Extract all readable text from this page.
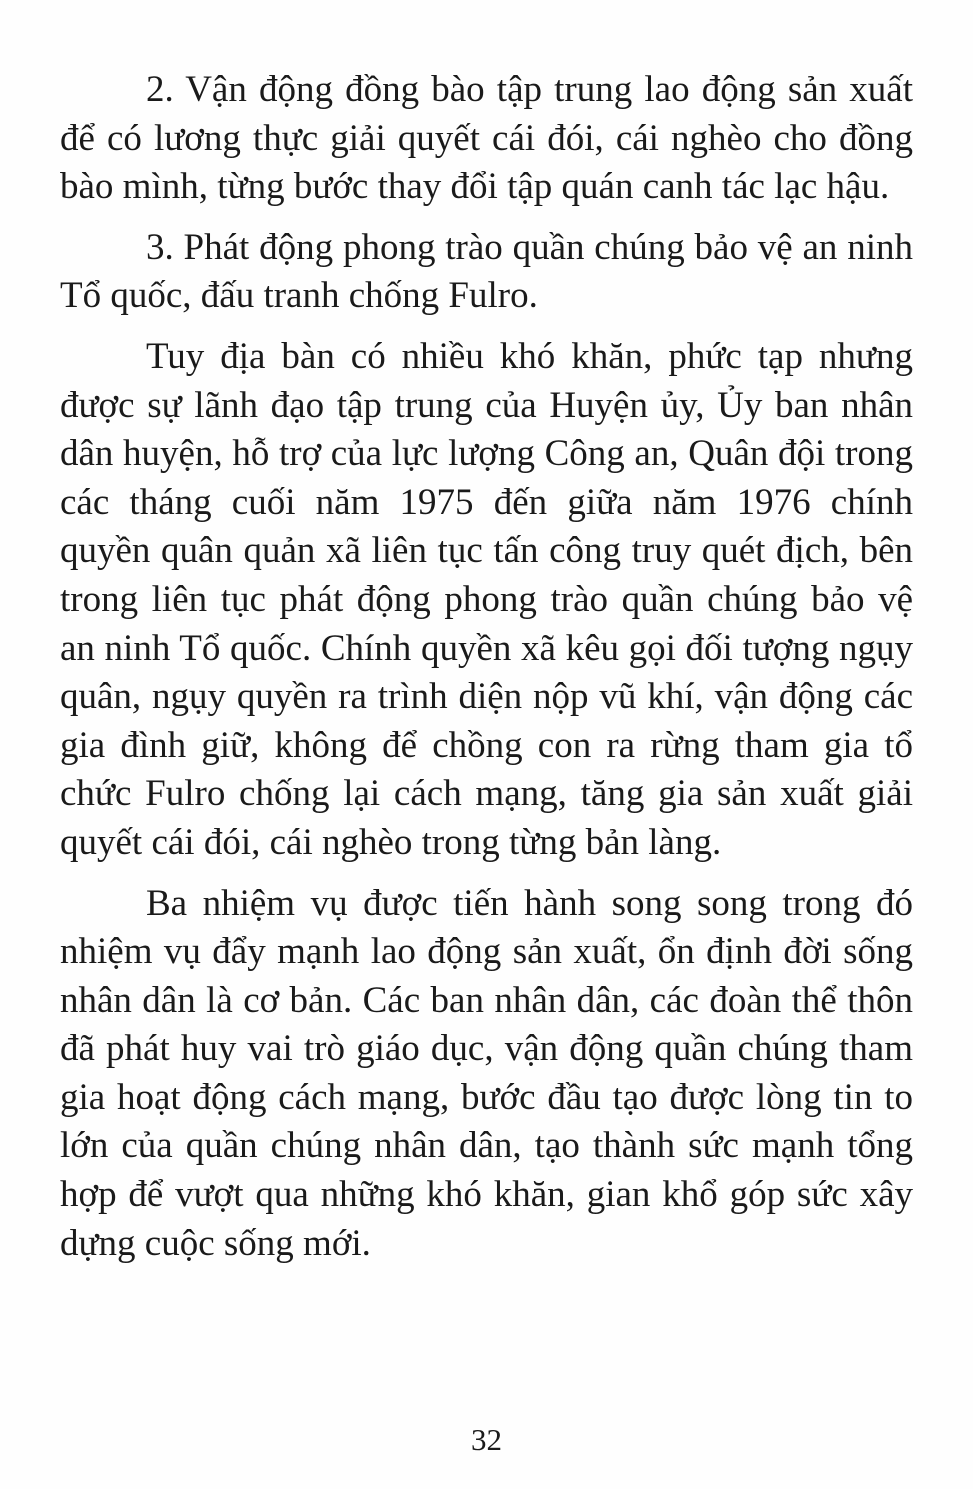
2. Vận động đồng bào tập trung lao động sản xuất để có lương thực giải quyết cái đói, cái nghèo cho đồng bào mình, từng bước thay đổi tập quán canh tác lạc hậu.

3. Phát động phong trào quần chúng bảo vệ an ninh Tổ quốc, đấu tranh chống Fulro.

Tuy địa bàn có nhiều khó khăn, phức tạp nhưng được sự lãnh đạo tập trung của Huyện ủy, Ủy ban nhân dân huyện, hỗ trợ của lực lượng Công an, Quân đội trong các tháng cuối năm 1975 đến giữa năm 1976 chính quyền quân quản xã liên tục tấn công truy quét địch, bên trong liên tục phát động phong trào quần chúng bảo vệ an ninh Tổ quốc. Chính quyền xã kêu gọi đối tượng ngụy quân, ngụy quyền ra trình diện nộp vũ khí, vận động các gia đình giữ, không để chồng con ra rừng tham gia tổ chức Fulro chống lại cách mạng, tăng gia sản xuất giải quyết cái đói, cái nghèo trong từng bản làng.

Ba nhiệm vụ được tiến hành song song trong đó nhiệm vụ đẩy mạnh lao động sản xuất, ổn định đời sống nhân dân là cơ bản. Các ban nhân dân, các đoàn thể thôn đã phát huy vai trò giáo dục, vận động quần chúng tham gia hoạt động cách mạng, bước đầu tạo được lòng tin to lớn của quần chúng nhân dân, tạo thành sức mạnh tổng hợp để vượt qua những khó khăn, gian khổ góp sức xây dựng cuộc sống mới.

32
